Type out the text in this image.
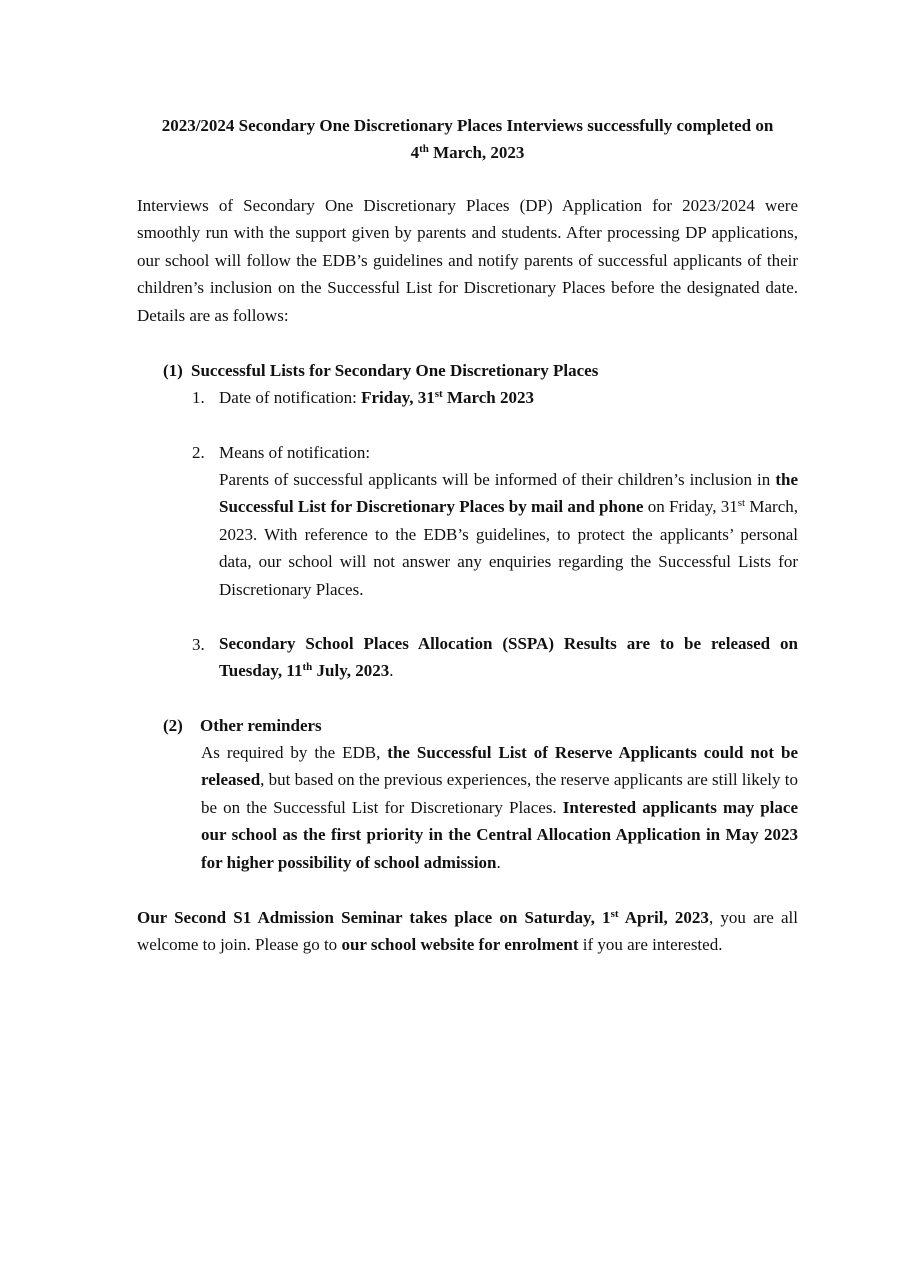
2023/2024 Secondary One Discretionary Places Interviews successfully completed on
4th March, 2023
Interviews of Secondary One Discretionary Places (DP) Application for 2023/2024 were smoothly run with the support given by parents and students. After processing DP applications, our school will follow the EDB’s guidelines and notify parents of successful applicants of their children’s inclusion on the Successful List for Discretionary Places before the designated date. Details are as follows:
(1) Successful Lists for Secondary One Discretionary Places
1. Date of notification: Friday, 31st March 2023
2. Means of notification:
Parents of successful applicants will be informed of their children’s inclusion in the Successful List for Discretionary Places by mail and phone on Friday, 31st March, 2023. With reference to the EDB’s guidelines, to protect the applicants’ personal data, our school will not answer any enquiries regarding the Successful Lists for Discretionary Places.
3. Secondary School Places Allocation (SSPA) Results are to be released on Tuesday, 11th July, 2023.
(2) Other reminders
As required by the EDB, the Successful List of Reserve Applicants could not be released, but based on the previous experiences, the reserve applicants are still likely to be on the Successful List for Discretionary Places. Interested applicants may place our school as the first priority in the Central Allocation Application in May 2023 for higher possibility of school admission.
Our Second S1 Admission Seminar takes place on Saturday, 1st April, 2023, you are all welcome to join. Please go to our school website for enrolment if you are interested.
